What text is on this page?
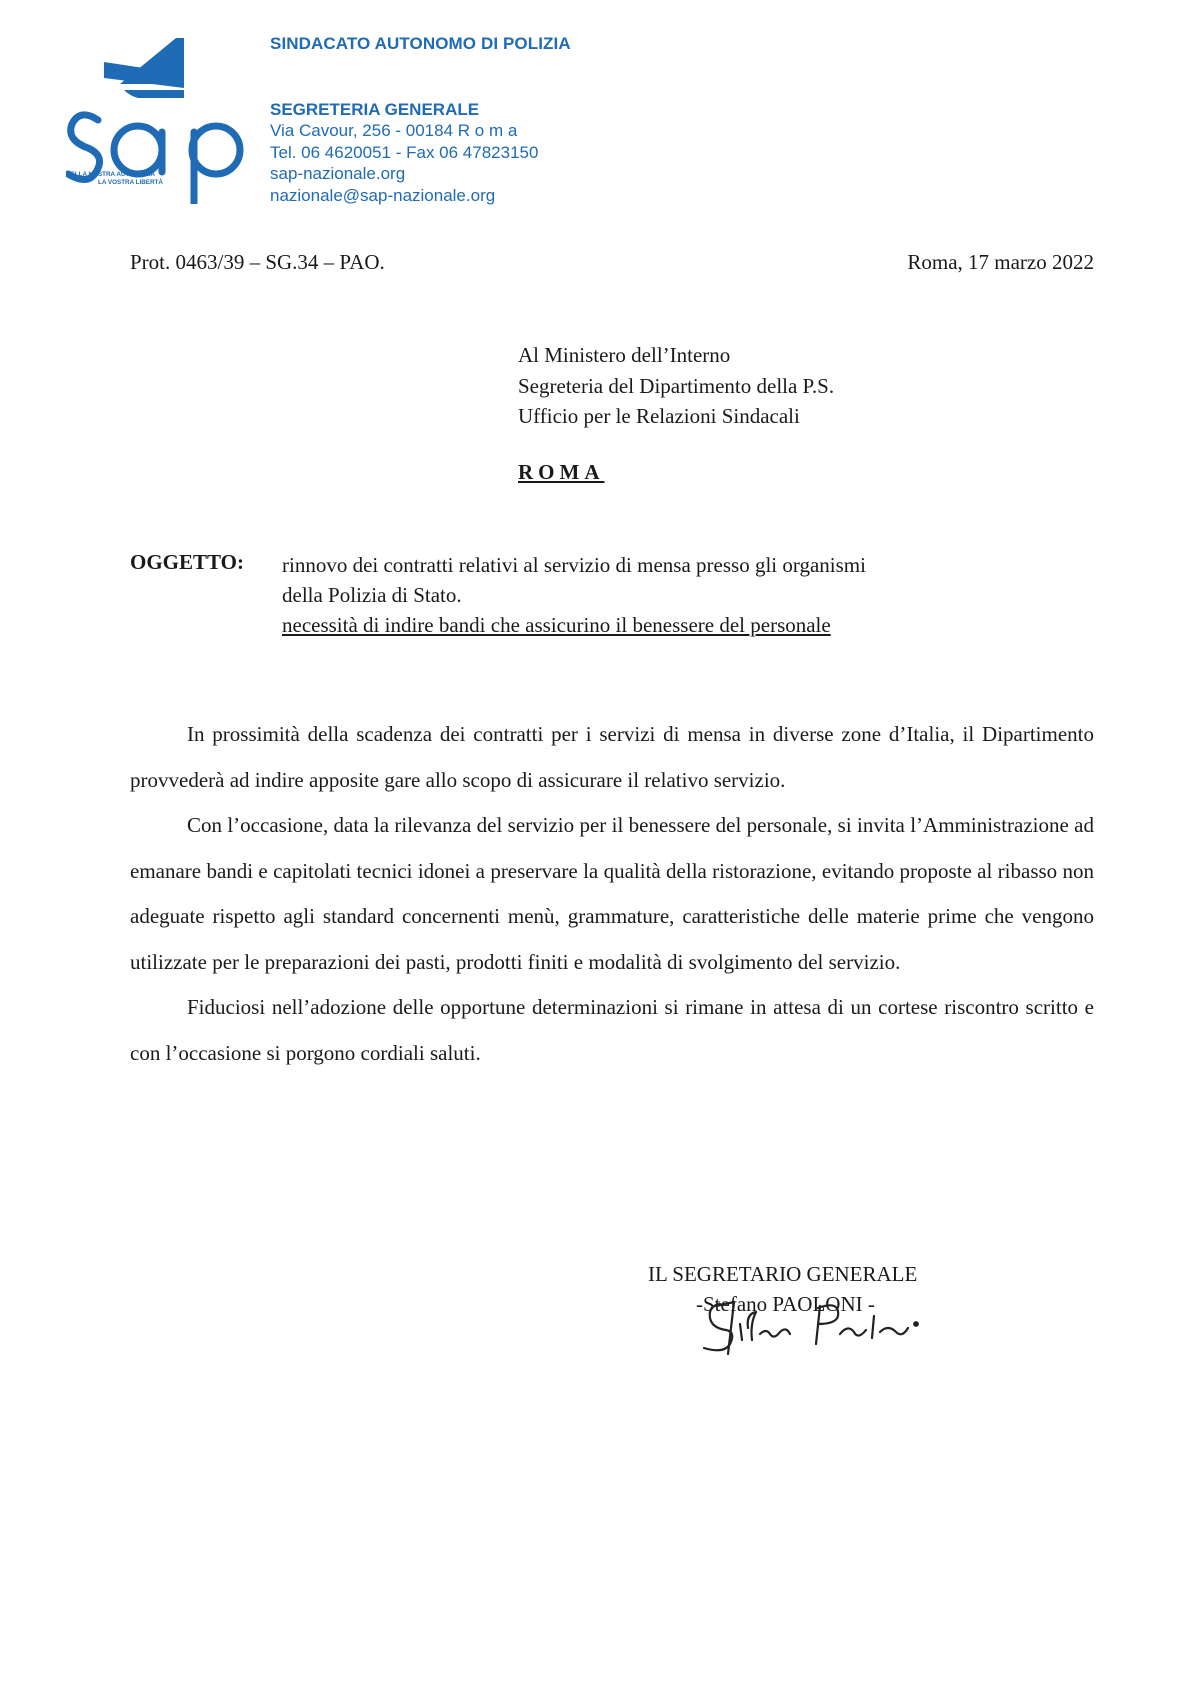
NELLA NOSTRA AUTONOMIA
LA VOSTRA LIBERTÀ
SINDACATO AUTONOMO DI POLIZIA
SEGRETERIA GENERALE
Via Cavour, 256 - 00184 R o m a
Tel. 06 4620051 - Fax 06 47823150
sap-nazionale.org
nazionale@sap-nazionale.org
Prot. 0463/39 – SG.34 – PAO.	Roma, 17 marzo 2022
Al Ministero dell’Interno
Segreteria del Dipartimento della P.S.
Ufficio per le Relazioni Sindacali
ROMA
OGGETTO: rinnovo dei contratti relativi al servizio di mensa presso gli organismi
della Polizia di Stato.
necessità di indire bandi che assicurino il benessere del personale

In prossimità della scadenza dei contratti per i servizi di mensa in diverse zone d’Italia, il Dipartimento provvederà ad indire apposite gare allo scopo di assicurare il relativo servizio.

Con l’occasione, data la rilevanza del servizio per il benessere del personale, si invita l’Amministrazione ad emanare bandi e capitolati tecnici idonei a preservare la qualità della ristorazione, evitando proposte al ribasso non adeguate rispetto agli standard concernenti menù, grammature, caratteristiche delle materie prime che vengono utilizzate per le preparazioni dei pasti, prodotti finiti e modalità di svolgimento del servizio.

Fiduciosi nell’adozione delle opportune determinazioni si rimane in attesa di un cortese riscontro scritto e con l’occasione si porgono cordiali saluti.

IL SEGRETARIO GENERALE
-Stefano PAOLONI -
